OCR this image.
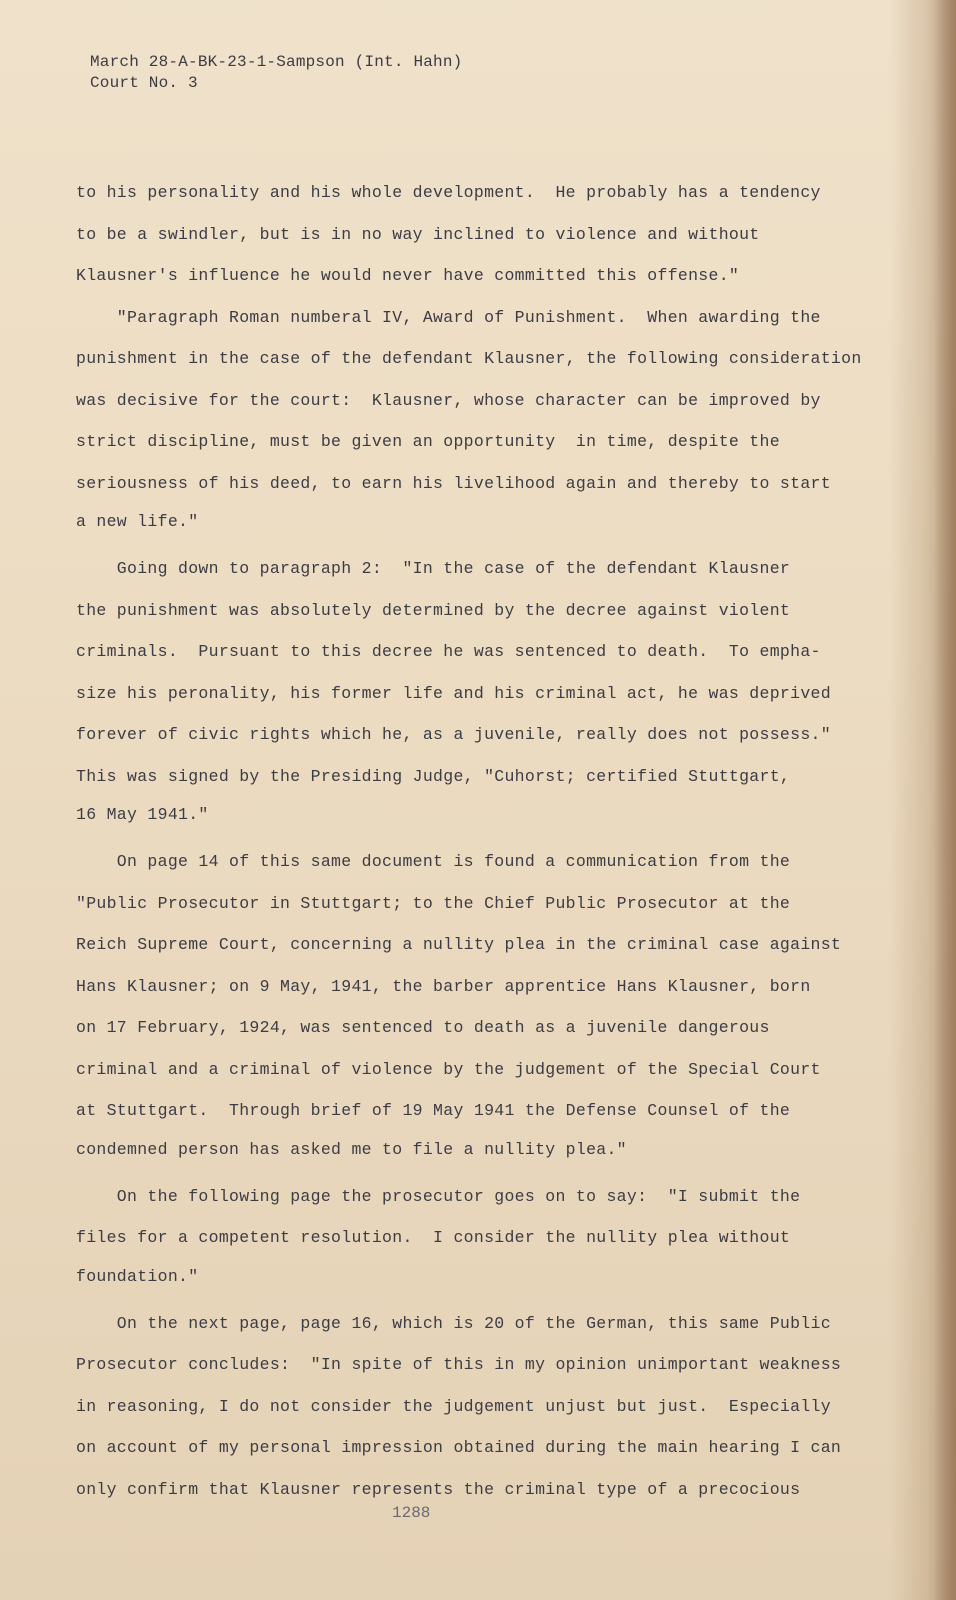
March 28-A-BK-23-1-Sampson (Int. Hahn)
Court No. 3
to his personality and his whole development.  He probably has a tendency
to be a swindler, but is in no way inclined to violence and without
Klausner's influence he would never have committed this offense."
"Paragraph Roman numberal IV, Award of Punishment.  When awarding the
punishment in the case of the defendant Klausner, the following consideration
was decisive for the court:  Klausner, whose character can be improved by
strict discipline, must be given an opportunity  in time, despite the
seriousness of his deed, to earn his livelihood again and thereby to start
a new life."
Going down to paragraph 2:  "In the case of the defendant Klausner
the punishment was absolutely determined by the decree against violent
criminals.  Pursuant to this decree he was sentenced to death.  To empha-
size his peronality, his former life and his criminal act, he was deprived
forever of civic rights which he, as a juvenile, really does not possess."
This was signed by the Presiding Judge, "Cuhorst; certified Stuttgart,
16 May 1941."
On page 14 of this same document is found a communication from the
"Public Prosecutor in Stuttgart; to the Chief Public Prosecutor at the
Reich Supreme Court, concerning a nullity plea in the criminal case against
Hans Klausner; on 9 May, 1941, the barber apprentice Hans Klausner, born
on 17 February, 1924, was sentenced to death as a juvenile dangerous
criminal and a criminal of violence by the judgement of the Special Court
at Stuttgart.  Through brief of 19 May 1941 the Defense Counsel of the
condemned person has asked me to file a nullity plea."
On the following page the prosecutor goes on to say:  "I submit the
files for a competent resolution.  I consider the nullity plea without
foundation."
On the next page, page 16, which is 20 of the German, this same Public
Prosecutor concludes:  "In spite of this in my opinion unimportant weakness
in reasoning, I do not consider the judgement unjust but just.  Especially
on account of my personal impression obtained during the main hearing I can
only confirm that Klausner represents the criminal type of a precocious
1288
